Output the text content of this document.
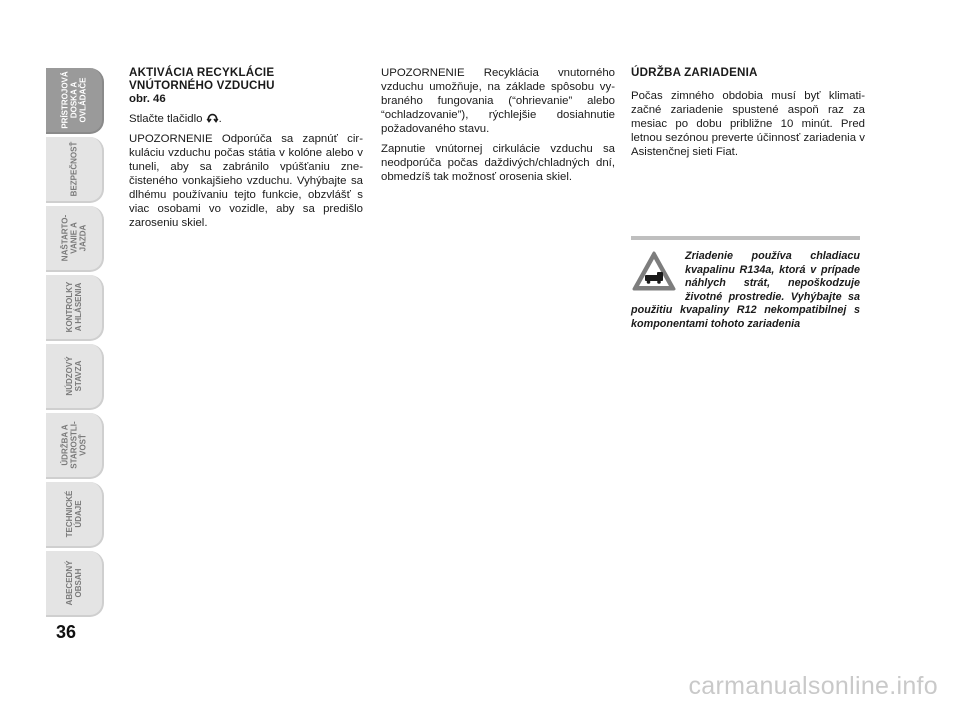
PRÍSTROJOVÁ
DOSKA A
OVLÁDAČE
BEZPEČNOSŤ
NAŠTARTO-
VANIE A
JAZDA
KONTROLKY
A HLÁSENIA
NÚDZOVÝ
STAVZA
ÚDRŽBA A
STAROSTLI-
VOSŤ
TECHNICKÉ
ÚDAJE
ABECEDNÝ
OBSAH
36
AKTIVÁCIA RECYKLÁCIE
VNÚTORNÉHO VZDUCHU
obr. 46

Stlačte tlačidlo .

UPOZORNENIE Odporúča sa zapnúť cirkuláciu vzduchu počas státia v kolóne alebo v tuneli, aby sa zabránilo vpúšťaniu znečisteného vonkajšieho vzduchu. Vyhýbajte sa dlhému používaniu tejto funkcie, obzvlášť s viac osobami vo vozidle, aby sa predišlo zaroseniu skiel.

UPOZORNENIE Recyklácia vnutorného vzduchu umožňuje, na základe spôsobu vybraného fungovania (“ohrievanie” alebo “ochladzovanie”), rýchlejšie dosiahnutie požadovaného stavu.

Zapnutie vnútornej cirkulácie vzduchu sa neodporúča počas daždivých/chladných dní, obmedzíš tak možnosť orosenia skiel.

ÚDRŽBA ZARIADENIA

Počas zimného obdobia musí byť klimatizačné zariadenie spustené aspoň raz za mesiac po dobu približne 10 minút. Pred letnou sezónou preverte účinnosť zariadenia v Asistenčnej sieti Fiat.

Zriadenie používa chladiacu kvapalinu R134a, ktorá v prípade náhlych strát, nepoškodzuje životné prostredie. Vyhýbajte sa použitiu kvapaliny R12 nekompatibilnej s komponentami tohoto zariadenia

carmanualsonline.info
